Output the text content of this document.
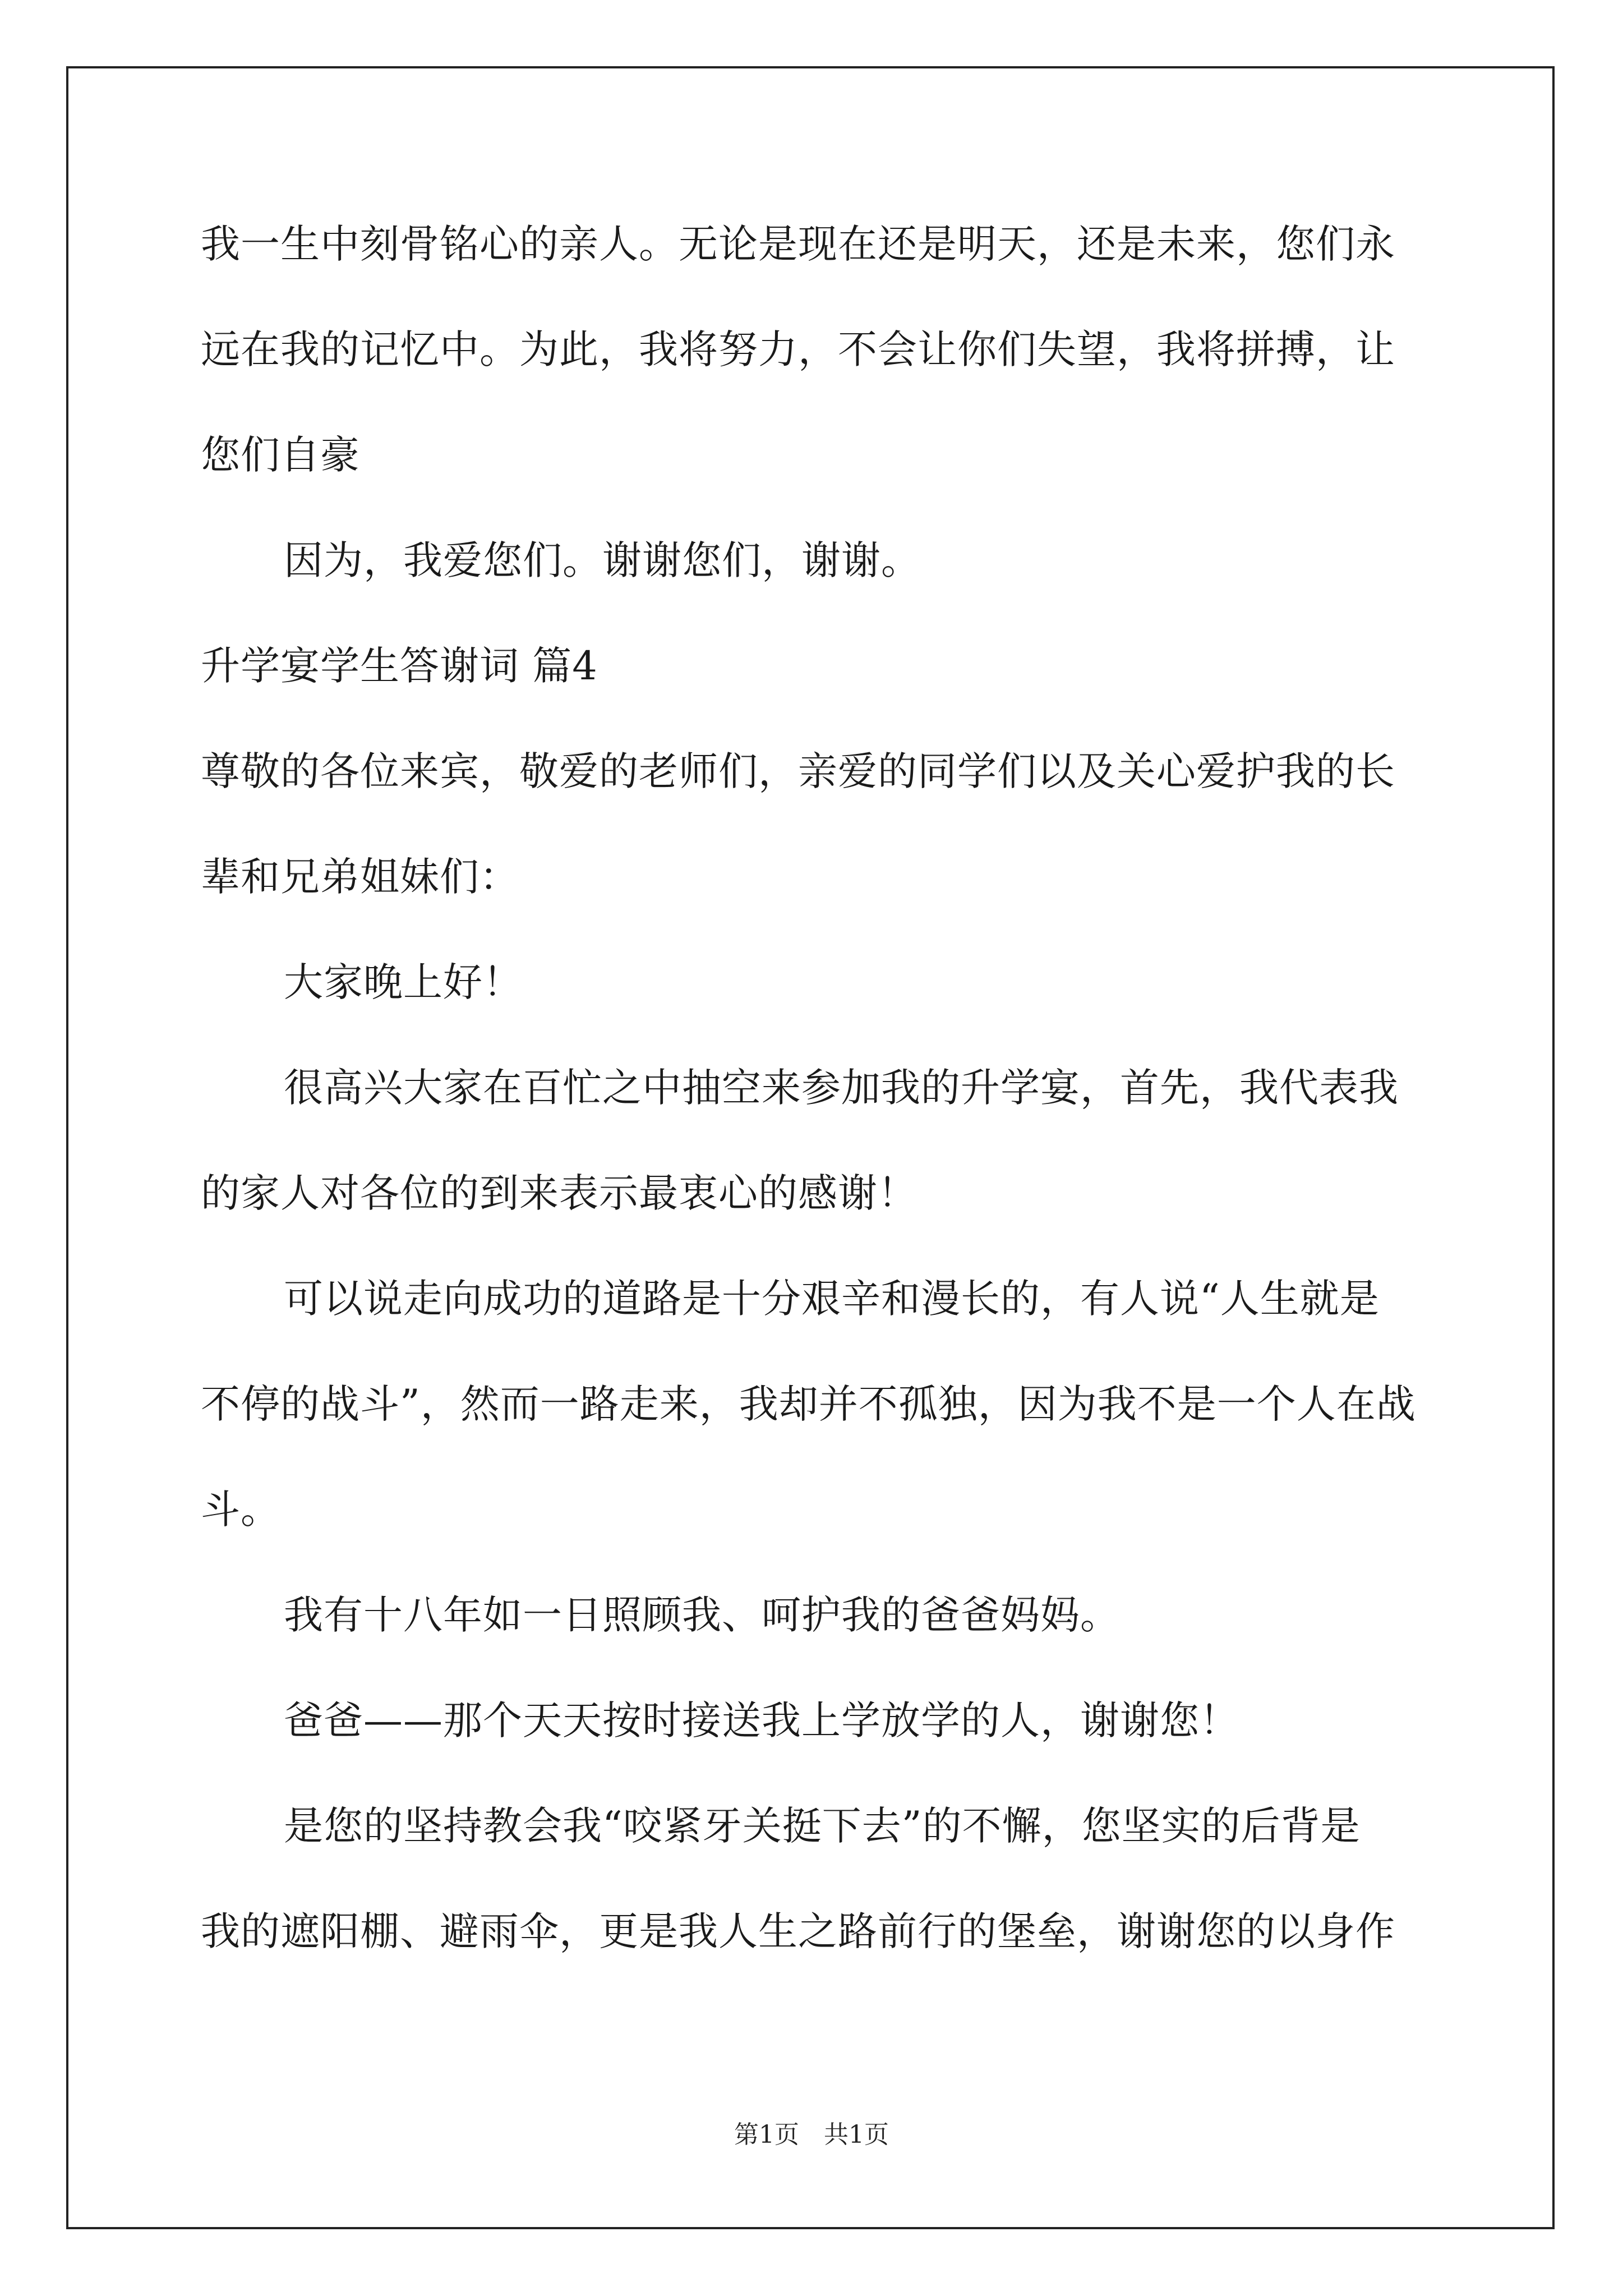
我一生中刻骨铭心的亲人。无论是现在还是明天，还是未来，您们永
远在我的记忆中。为此，我将努力，不会让你们失望，我将拼搏，让
您们自豪
因为，我爱您们。谢谢您们，谢谢。
升学宴学生答谢词 篇4
尊敬的各位来宾，敬爱的老师们，亲爱的同学们以及关心爱护我的长
辈和兄弟姐妹们：
大家晚上好！
很高兴大家在百忙之中抽空来参加我的升学宴，首先，我代表我
的家人对各位的到来表示最衷心的感谢！
可以说走向成功的道路是十分艰辛和漫长的，有人说“人生就是
不停的战斗”，然而一路走来，我却并不孤独，因为我不是一个人在战
斗。
我有十八年如一日照顾我、呵护我的爸爸妈妈。
爸爸——那个天天按时接送我上学放学的人，谢谢您！
是您的坚持教会我“咬紧牙关挺下去”的不懈，您坚实的后背是
我的遮阳棚、避雨伞，更是我人生之路前行的堡垒，谢谢您的以身作
第1页　共1页
